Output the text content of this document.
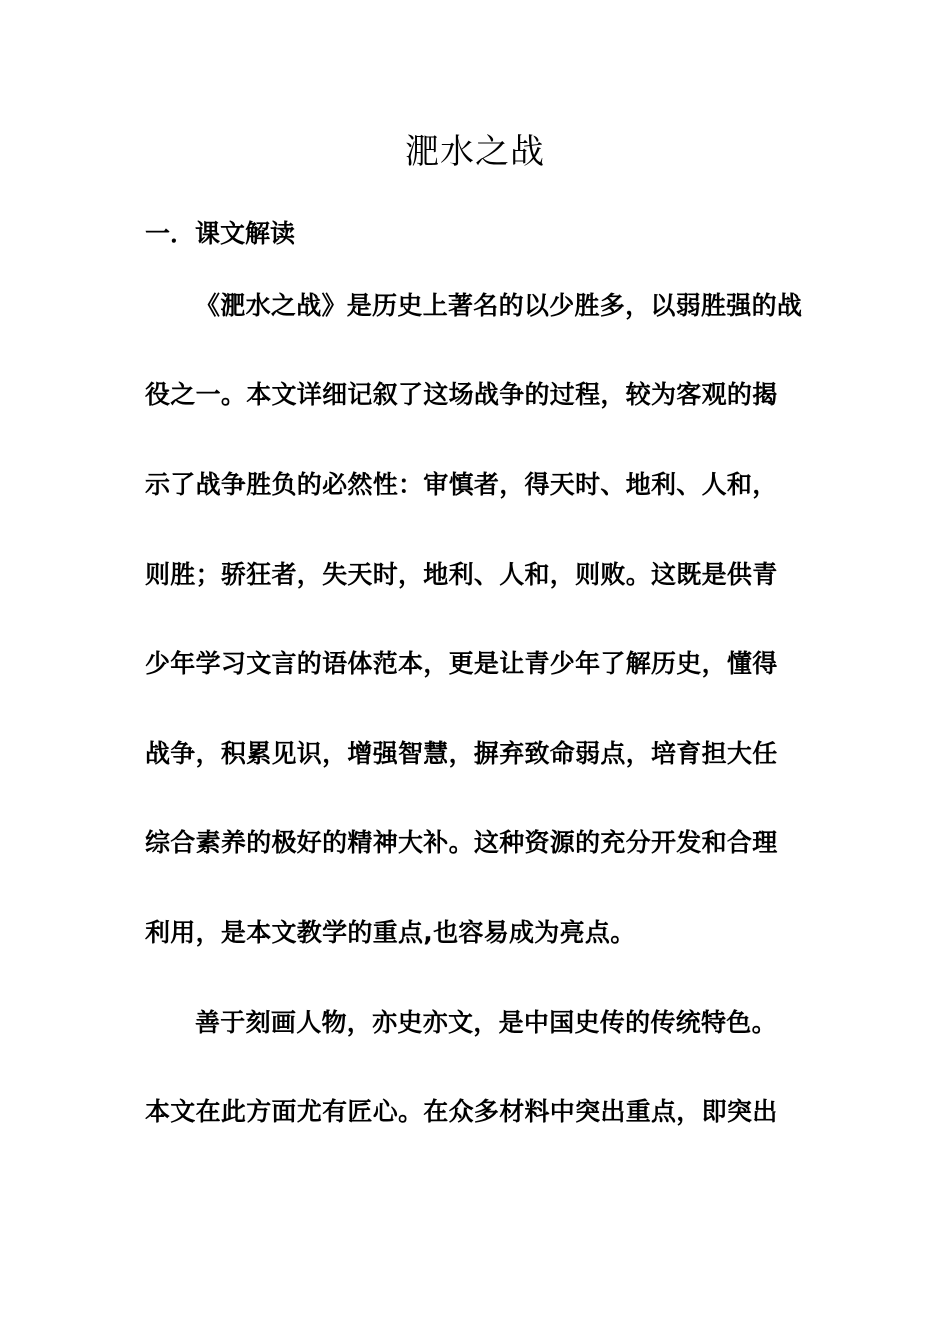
淝水之战
一．课文解读
《淝水之战》是历史上著名的以少胜多，以弱胜强的战
役之一。本文详细记叙了这场战争的过程，较为客观的揭
示了战争胜负的必然性：审慎者，得天时、地利、人和，
则胜；骄狂者，失天时，地利、人和，则败。这既是供青
少年学习文言的语体范本，更是让青少年了解历史，懂得
战争，积累见识，增强智慧，摒弃致命弱点，培育担大任
综合素养的极好的精神大补。这种资源的充分开发和合理
利用，是本文教学的重点,也容易成为亮点。
善于刻画人物，亦史亦文，是中国史传的传统特色。
本文在此方面尤有匠心。在众多材料中突出重点，即突出
